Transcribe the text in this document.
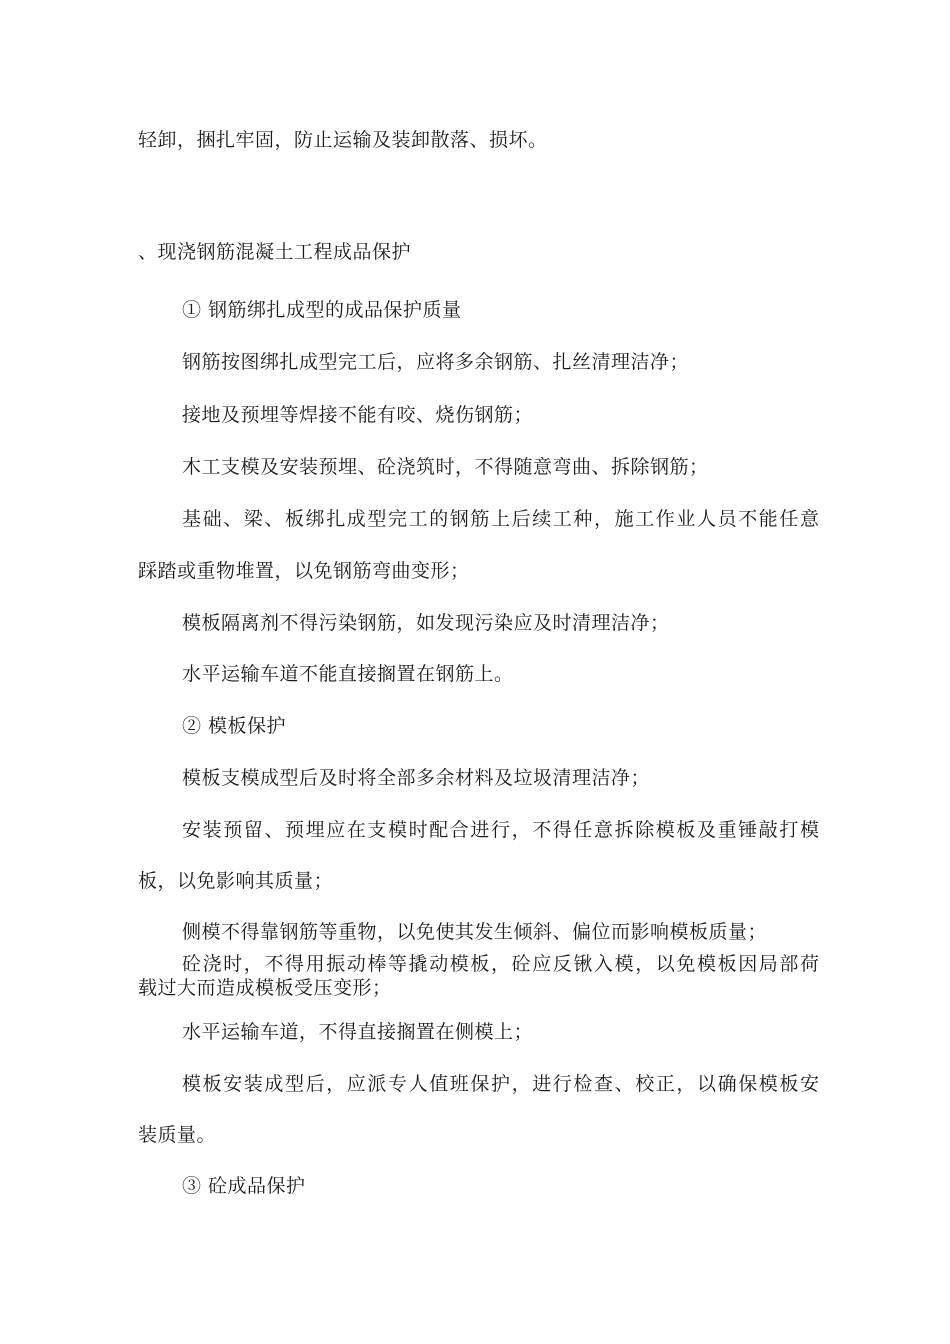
轻卸，捆扎牢固，防止运输及装卸散落、损坏。
、现浇钢筋混凝土工程成品保护
① 钢筋绑扎成型的成品保护质量
钢筋按图绑扎成型完工后，应将多余钢筋、扎丝清理洁净；
接地及预埋等焊接不能有咬、烧伤钢筋；
木工支模及安装预埋、砼浇筑时，不得随意弯曲、拆除钢筋；
基础、梁、板绑扎成型完工的钢筋上后续工种，施工作业人员不能任意
踩踏或重物堆置，以免钢筋弯曲变形；
模板隔离剂不得污染钢筋，如发现污染应及时清理洁净；
水平运输车道不能直接搁置在钢筋上。
② 模板保护
模板支模成型后及时将全部多余材料及垃圾清理洁净；
安装预留、预埋应在支模时配合进行，不得任意拆除模板及重锤敲打模
板，以免影响其质量；
侧模不得靠钢筋等重物，以免使其发生倾斜、偏位而影响模板质量；
砼浇时，不得用振动棒等撬动模板，砼应反锹入模，以免模板因局部荷
载过大而造成模板受压变形；
水平运输车道，不得直接搁置在侧模上；
模板安装成型后，应派专人值班保护，进行检查、校正，以确保模板安
装质量。
③ 砼成品保护
